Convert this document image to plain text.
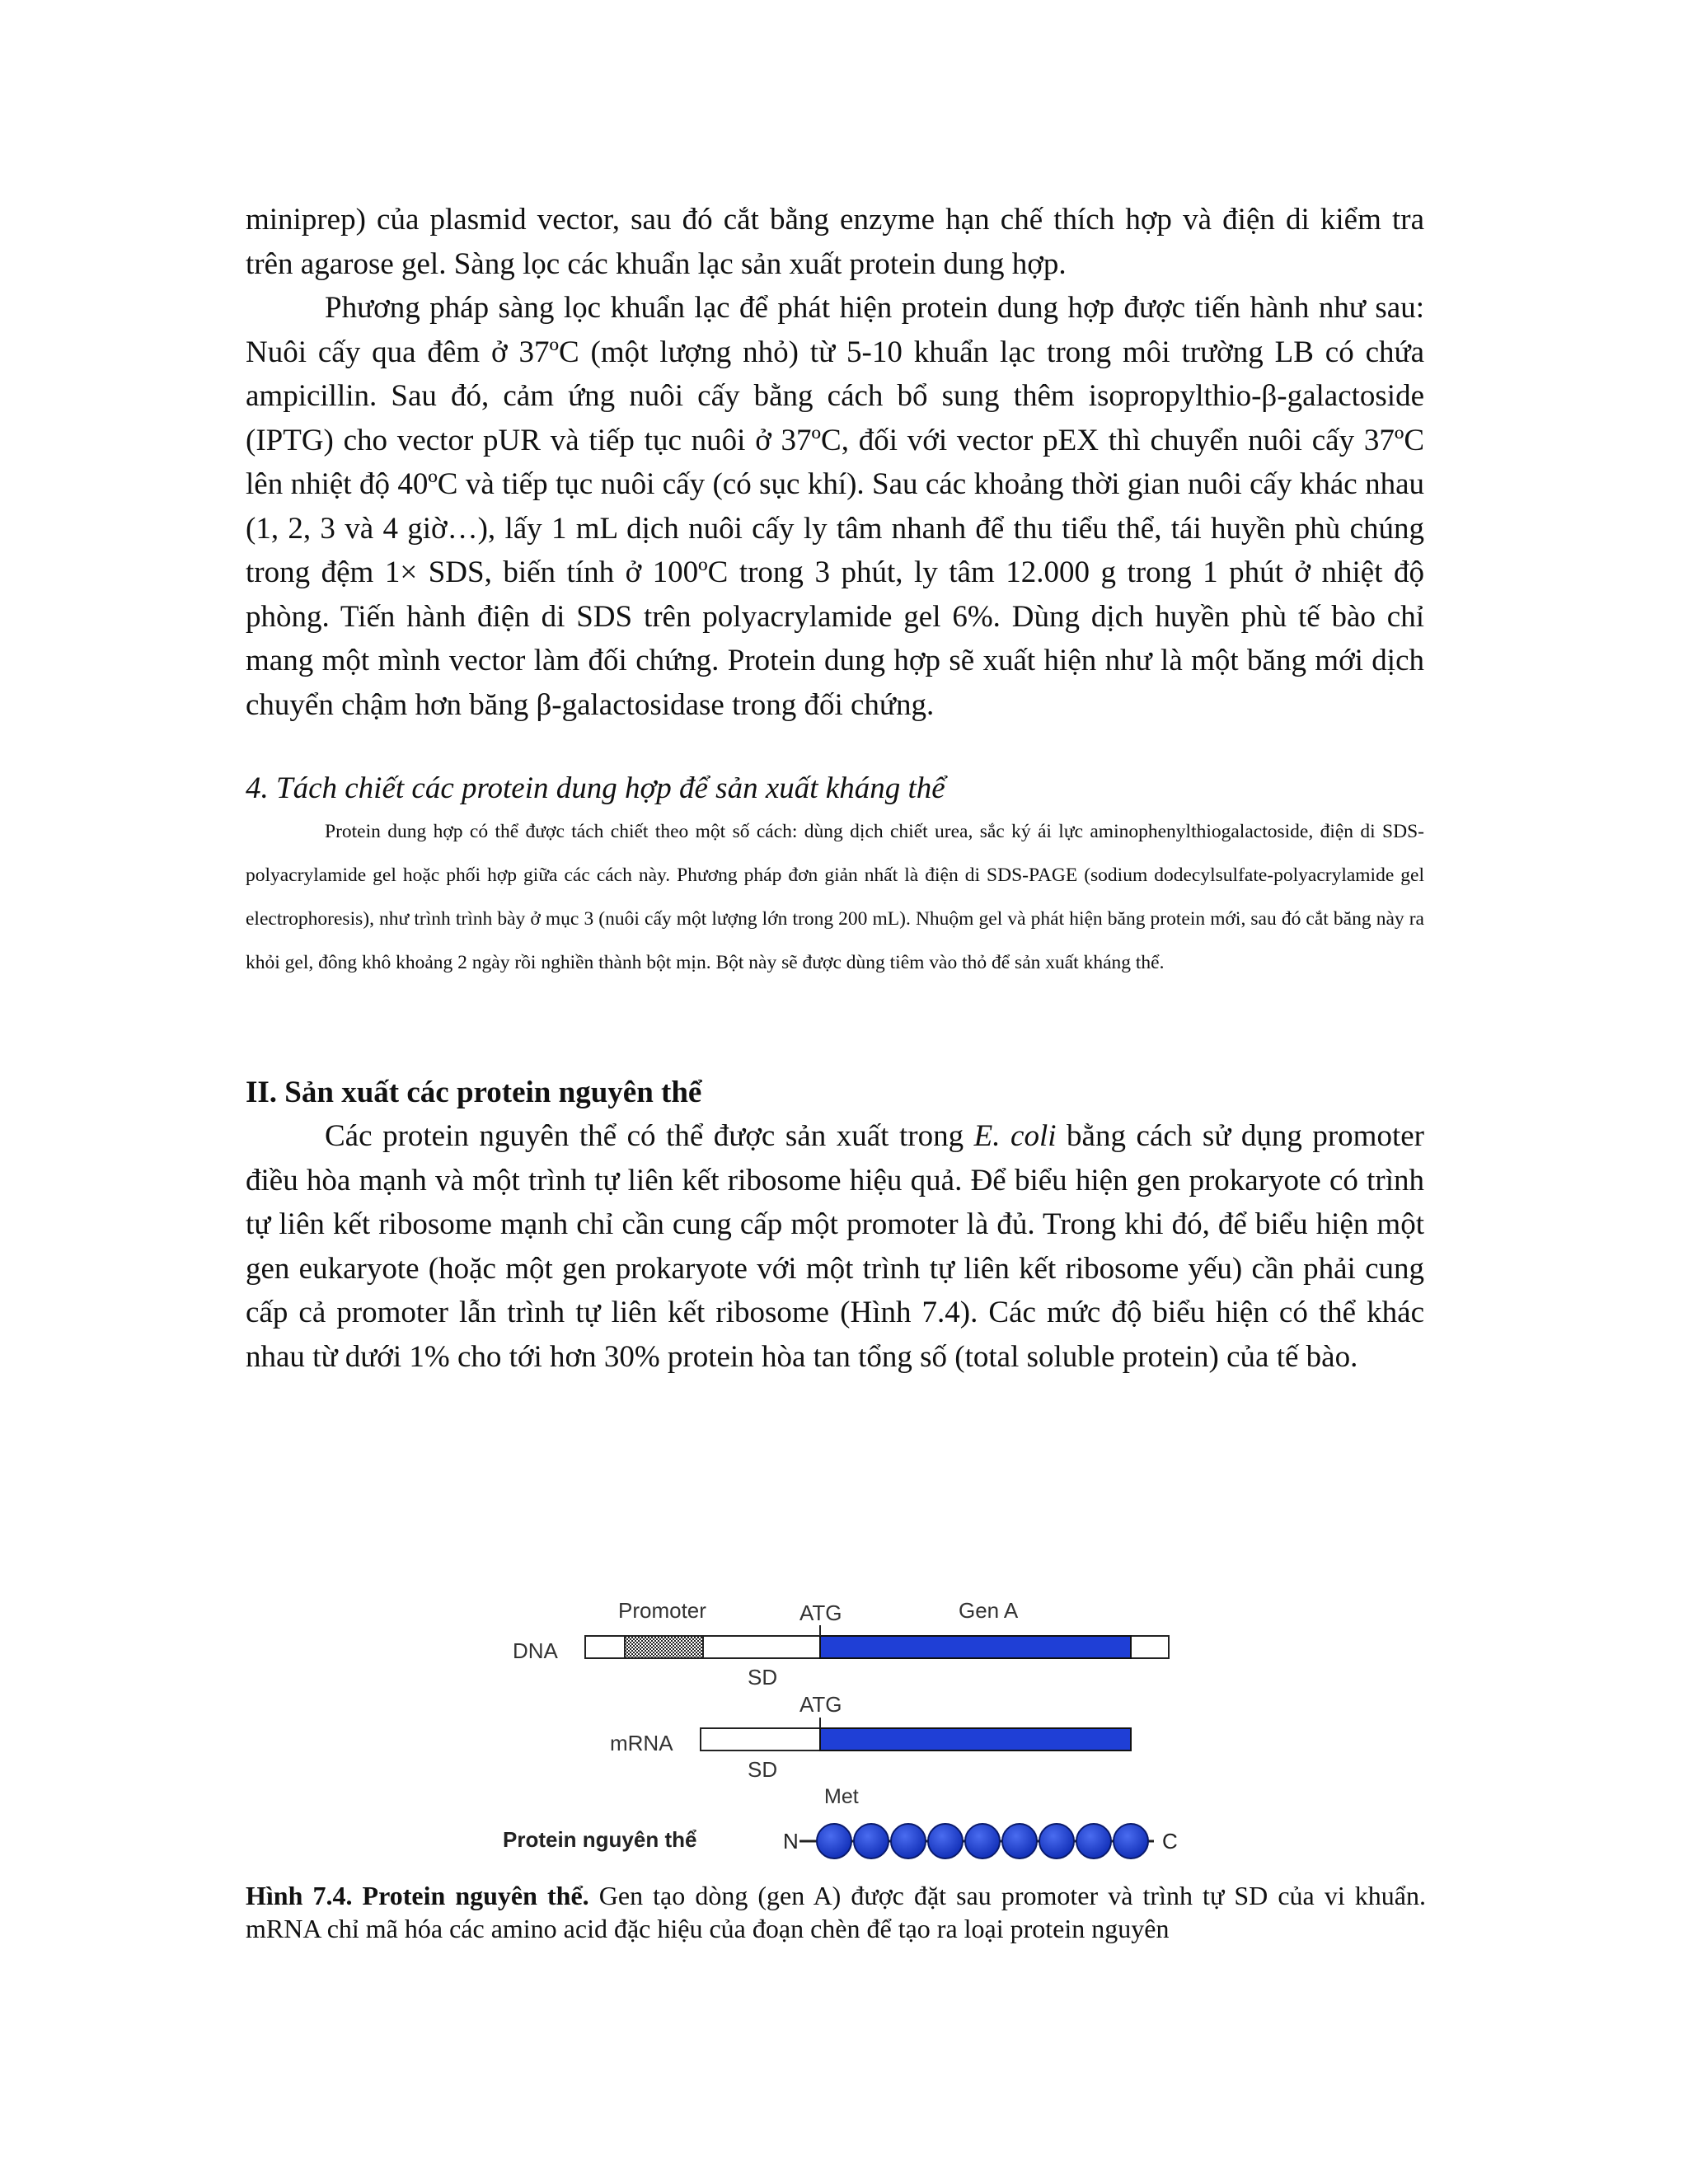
miniprep) của plasmid vector, sau đó cắt bằng enzyme hạn chế thích hợp và điện di kiểm tra trên agarose gel. Sàng lọc các khuẩn lạc sản xuất protein dung hợp.

Phương pháp sàng lọc khuẩn lạc để phát hiện protein dung hợp được tiến hành như sau: Nuôi cấy qua đêm ở 37ºC (một lượng nhỏ) từ 5-10 khuẩn lạc trong môi trường LB có chứa ampicillin. Sau đó, cảm ứng nuôi cấy bằng cách bổ sung thêm isopropylthio-β-galactoside (IPTG) cho vector pUR và tiếp tục nuôi ở 37ºC, đối với vector pEX thì chuyển nuôi cấy 37ºC lên nhiệt độ 40ºC và tiếp tục nuôi cấy (có sục khí). Sau các khoảng thời gian nuôi cấy khác nhau (1, 2, 3 và 4 giờ…), lấy 1 mL dịch nuôi cấy ly tâm nhanh để thu tiểu thể, tái huyền phù chúng trong đệm 1× SDS, biến tính ở 100ºC trong 3 phút, ly tâm 12.000 g trong 1 phút ở nhiệt độ phòng. Tiến hành điện di SDS trên polyacrylamide gel 6%. Dùng dịch huyền phù tế bào chỉ mang một mình vector làm đối chứng. Protein dung hợp sẽ xuất hiện như là một băng mới dịch chuyển chậm hơn băng β-galactosidase trong đối chứng.

4. Tách chiết các protein dung hợp để sản xuất kháng thể

Protein dung hợp có thể được tách chiết theo một số cách: dùng dịch chiết urea, sắc ký ái lực aminophenylthiogalactoside, điện di SDS-polyacrylamide gel hoặc phối hợp giữa các cách này. Phương pháp đơn giản nhất là điện di SDS-PAGE (sodium dodecylsulfate-polyacrylamide gel electrophoresis), như trình trình bày ở mục 3 (nuôi cấy một lượng lớn trong 200 mL). Nhuộm gel và phát hiện băng protein mới, sau đó cắt băng này ra khỏi gel, đông khô khoảng 2 ngày rồi nghiền thành bột mịn. Bột này sẽ được dùng tiêm vào thỏ để sản xuất kháng thể.

II. Sản xuất các protein nguyên thể

Các protein nguyên thể có thể được sản xuất trong E. coli bằng cách sử dụng promoter điều hòa mạnh và một trình tự liên kết ribosome hiệu quả. Để biểu hiện gen prokaryote có trình tự liên kết ribosome mạnh chỉ cần cung cấp một promoter là đủ. Trong khi đó, để biểu hiện một gen eukaryote (hoặc một gen prokaryote với một trình tự liên kết ribosome yếu) cần phải cung cấp cả promoter lẫn trình tự liên kết ribosome (Hình 7.4). Các mức độ biểu hiện có thể khác nhau từ dưới 1% cho tới hơn 30% protein hòa tan tổng số (total soluble protein) của tế bào.

Promoter	ATG	Gen A
DNA
SD
ATG
mRNA
SD
Met
Protein nguyên thể	N	C

Hình 7.4. Protein nguyên thể. Gen tạo dòng (gen A) được đặt sau promoter và trình tự SD của vi khuẩn. mRNA chỉ mã hóa các amino acid đặc hiệu của đoạn chèn để tạo ra loại protein nguyên
